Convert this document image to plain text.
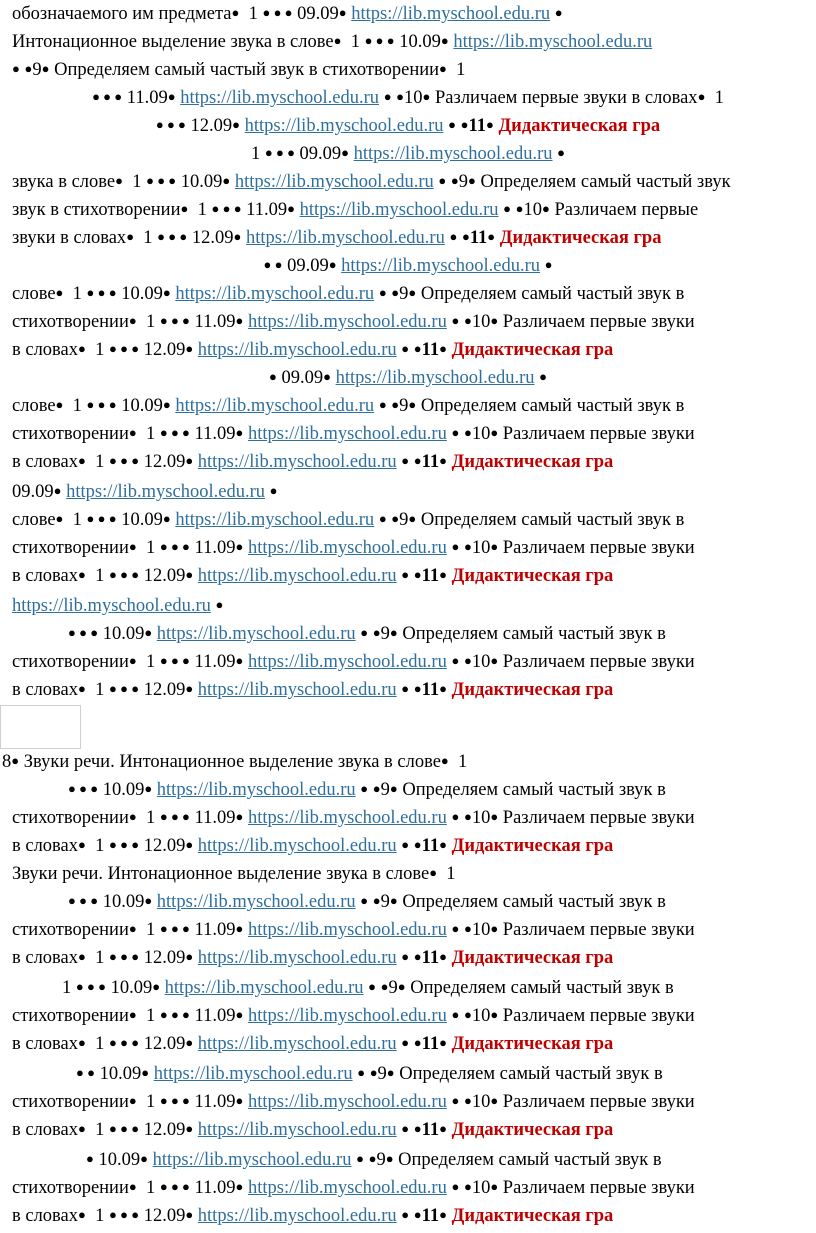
обозначаемого им предмета● 1 ● ● ● 09.09● https://lib.myschool.edu.ru ●
Интонационное выделение звука в слове● 1 ● ● ● 10.09● https://lib.myschool.edu.ru
● ●9● Определяем самый частый звук в стихотворении● 1
● ● ● 11.09● https://lib.myschool.edu.ru ● ●10● Различаем первые звуки в словах● 1
● ● ● 12.09● https://lib.myschool.edu.ru ● ●11● Дидактическая гра
1 ● ● ● 09.09● https://lib.myschool.edu.ru ●
звука в слове● 1 ● ● ● 10.09● https://lib.myschool.edu.ru ● ●9● Определяем самый частый звук
звук в стихотворении● 1 ● ● ● 11.09● https://lib.myschool.edu.ru ● ●10● Различаем первые
звуки в словах● 1 ● ● ● 12.09● https://lib.myschool.edu.ru ● ●11● Дидактическая гра
● ● 09.09● https://lib.myschool.edu.ru ●
слове● 1 ● ● ● 10.09● https://lib.myschool.edu.ru ● ●9● Определяем самый частый звук в
стихотворении● 1 ● ● ● 11.09● https://lib.myschool.edu.ru ● ●10● Различаем первые звуки
в словах● 1 ● ● ● 12.09● https://lib.myschool.edu.ru ● ●11● Дидактическая гра
● 09.09● https://lib.myschool.edu.ru ●
слове● 1 ● ● ● 10.09● https://lib.myschool.edu.ru ● ●9● Определяем самый частый звук в
стихотворении● 1 ● ● ● 11.09● https://lib.myschool.edu.ru ● ●10● Различаем первые звуки
в словах● 1 ● ● ● 12.09● https://lib.myschool.edu.ru ● ●11● Дидактическая гра
09.09● https://lib.myschool.edu.ru ●
слове● 1 ● ● ● 10.09● https://lib.myschool.edu.ru ● ●9● Определяем самый частый звук в
стихотворении● 1 ● ● ● 11.09● https://lib.myschool.edu.ru ● ●10● Различаем первые звуки
в словах● 1 ● ● ● 12.09● https://lib.myschool.edu.ru ● ●11● Дидактическая гра
https://lib.myschool.edu.ru ●
● ● ● 10.09● https://lib.myschool.edu.ru ● ●9● Определяем самый частый звук в
стихотворении● 1 ● ● ● 11.09● https://lib.myschool.edu.ru ● ●10● Различаем первые звуки
в словах● 1 ● ● ● 12.09● https://lib.myschool.edu.ru ● ●11● Дидактическая гра
8● Звуки речи. Интонационное выделение звука в слове● 1
● ● ● 10.09● https://lib.myschool.edu.ru ● ●9● Определяем самый частый звук в
стихотворении● 1 ● ● ● 11.09● https://lib.myschool.edu.ru ● ●10● Различаем первые звуки
в словах● 1 ● ● ● 12.09● https://lib.myschool.edu.ru ● ●11● Дидактическая гра
Звуки речи. Интонационное выделение звука в слове● 1
● ● ● 10.09● https://lib.myschool.edu.ru ● ●9● Определяем самый частый звук в
стихотворении● 1 ● ● ● 11.09● https://lib.myschool.edu.ru ● ●10● Различаем первые звуки
в словах● 1 ● ● ● 12.09● https://lib.myschool.edu.ru ● ●11● Дидактическая гра
1 ● ● ● 10.09● https://lib.myschool.edu.ru ● ●9● Определяем самый частый звук в
стихотворении● 1 ● ● ● 11.09● https://lib.myschool.edu.ru ● ●10● Различаем первые звуки
в словах● 1 ● ● ● 12.09● https://lib.myschool.edu.ru ● ●11● Дидактическая гра
● ● 10.09● https://lib.myschool.edu.ru ● ●9● Определяем самый частый звук в
стихотворении● 1 ● ● ● 11.09● https://lib.myschool.edu.ru ● ●10● Различаем первые звуки
в словах● 1 ● ● ● 12.09● https://lib.myschool.edu.ru ● ●11● Дидактическая гра
● 10.09● https://lib.myschool.edu.ru ● ●9● Определяем самый частый звук в
стихотворении● 1 ● ● ● 11.09● https://lib.myschool.edu.ru ● ●10● Различаем первые звуки
в словах● 1 ● ● ● 12.09● https://lib.myschool.edu.ru ● ●11● Дидактическая гра
